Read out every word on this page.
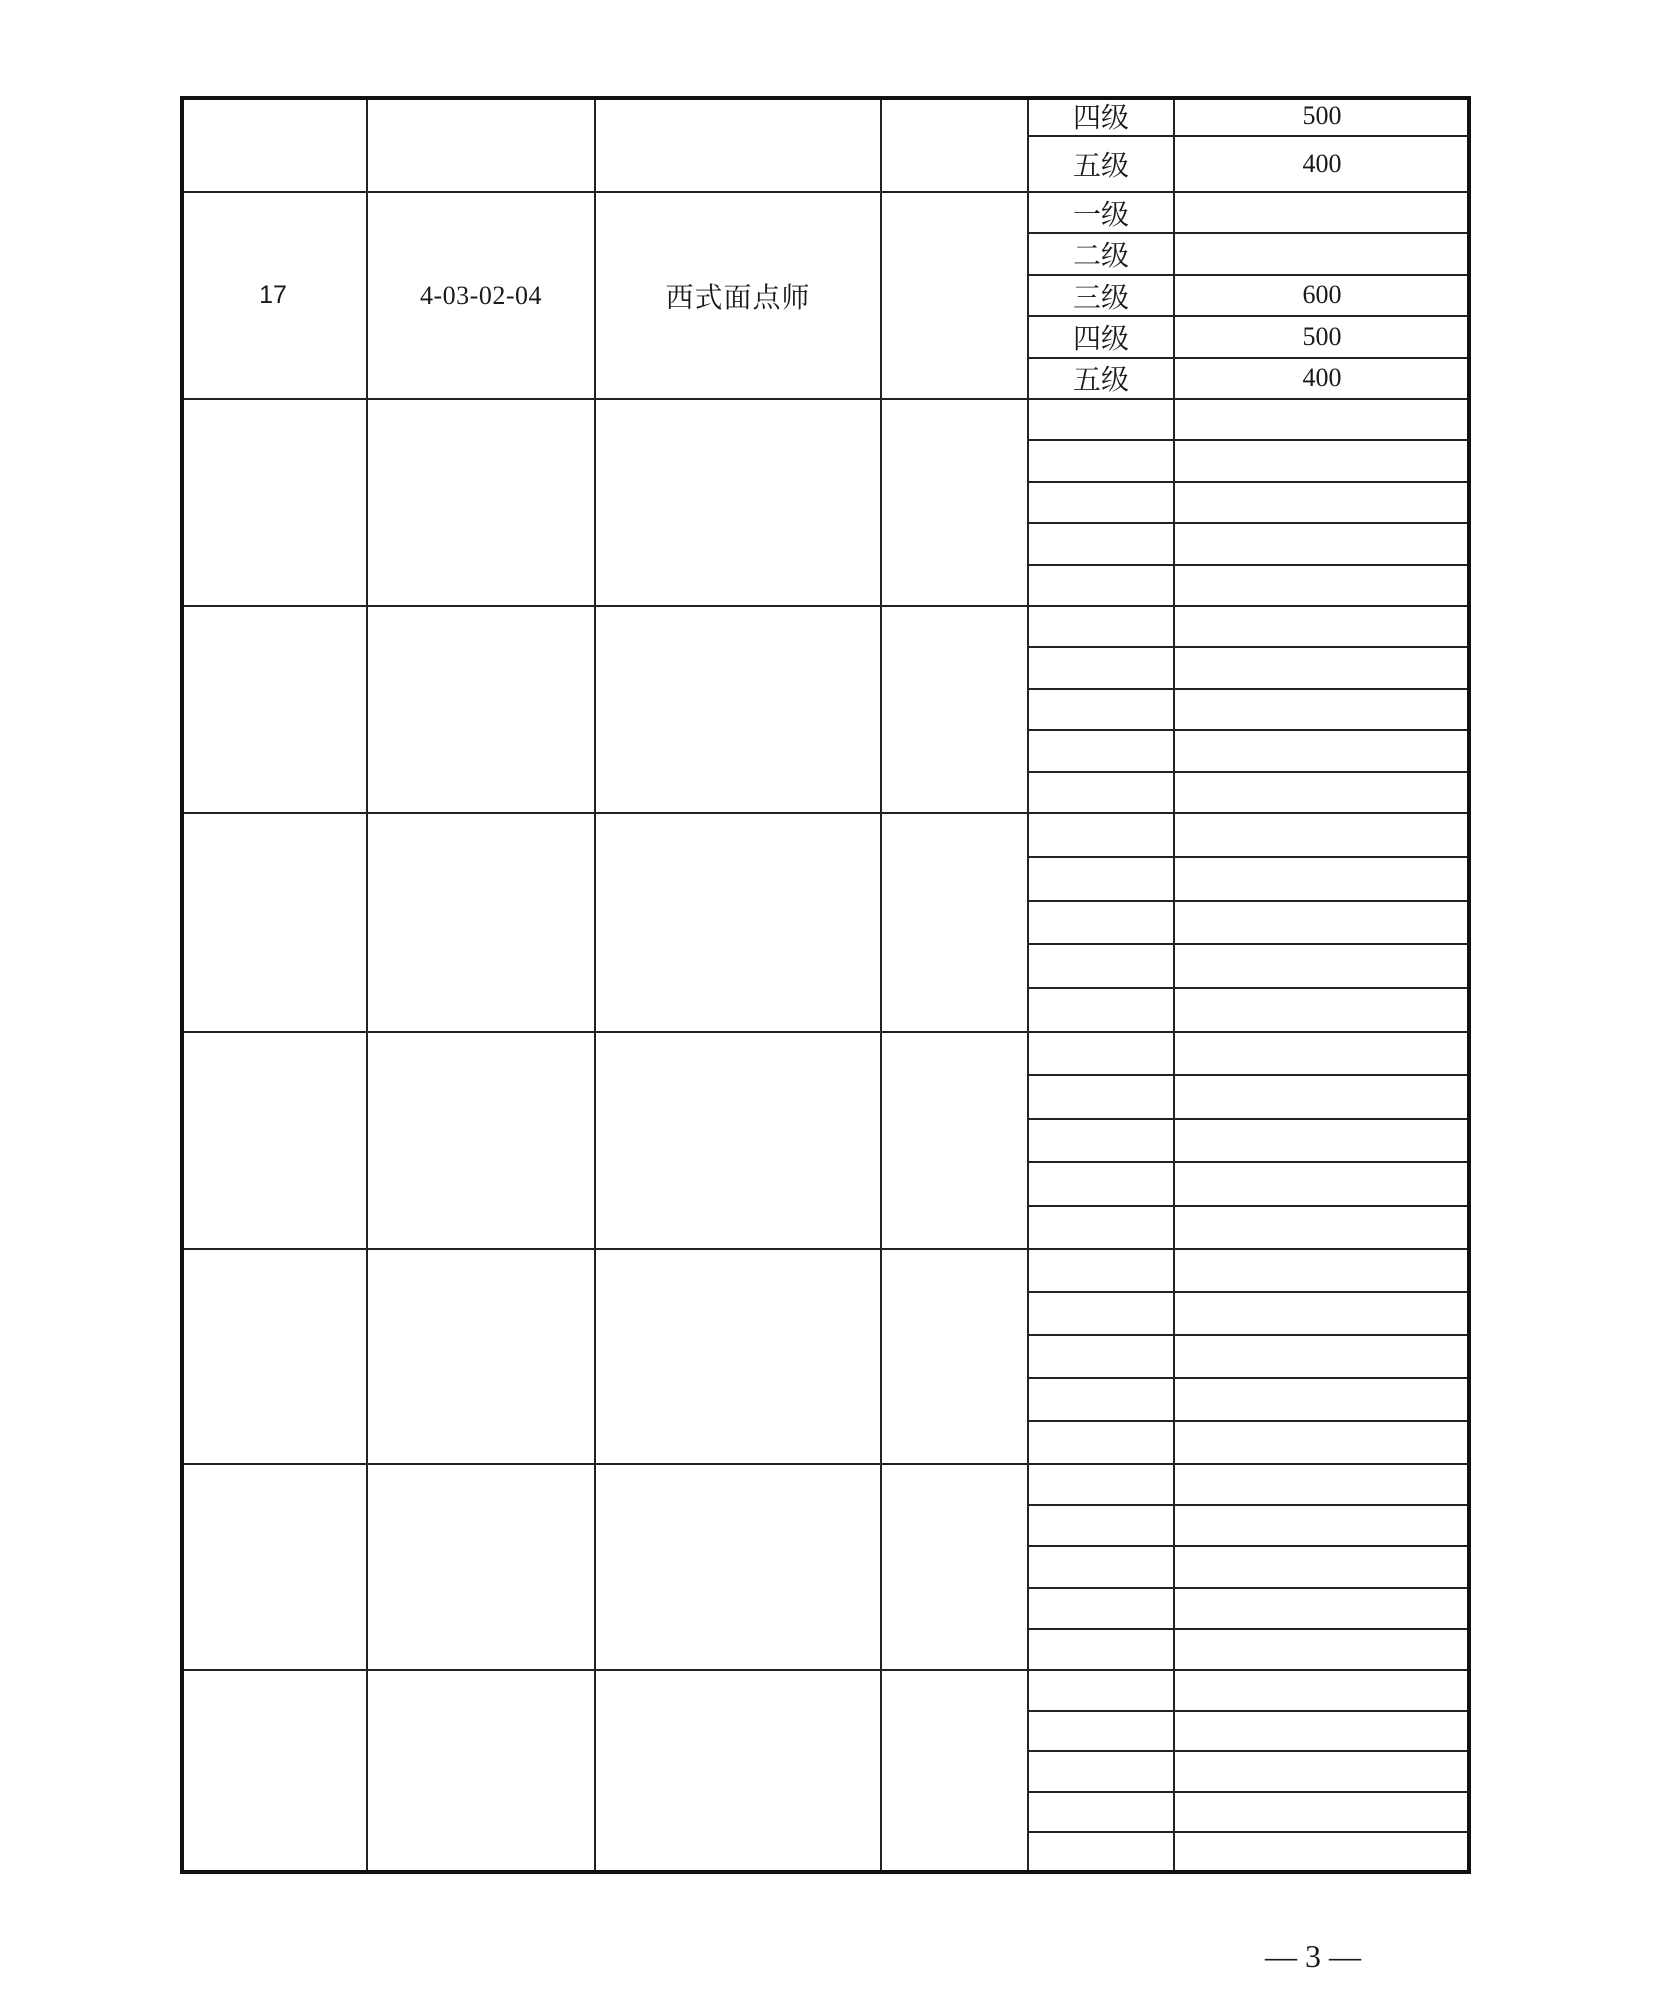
四级	500
五级	400
17	4-03-02-04	西式面点师
一级
二级
三级	600
四级	500
五级	400
— 3 —
